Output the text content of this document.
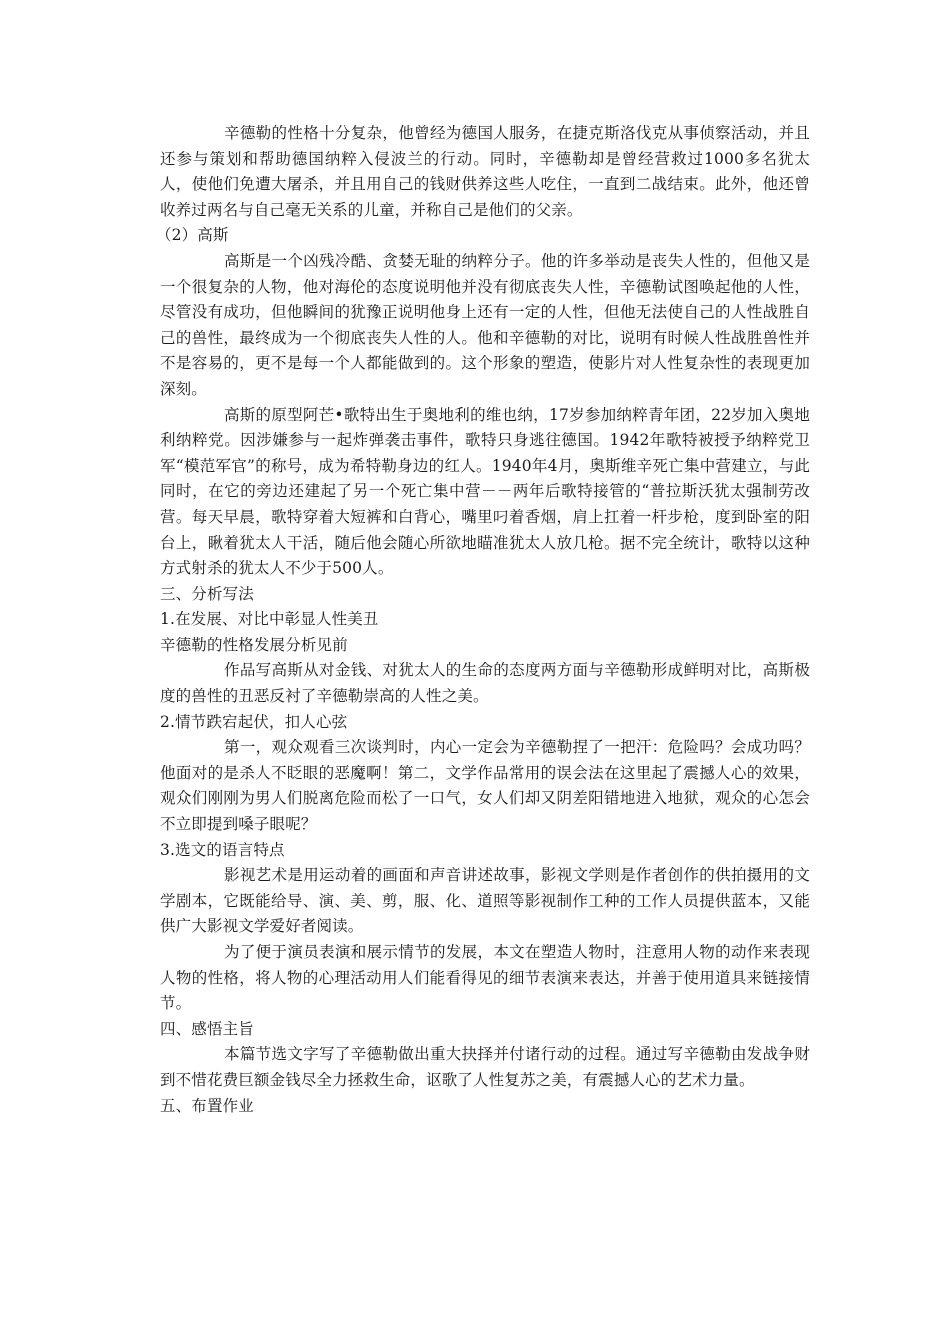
辛德勒的性格十分复杂，他曾经为德国人服务，在捷克斯洛伐克从事侦察活动，并且还参与策划和帮助德国纳粹入侵波兰的行动。同时，辛德勒却是曾经营救过1000多名犹太人，使他们免遭大屠杀，并且用自己的钱财供养这些人吃住，一直到二战结束。此外，他还曾收养过两名与自己毫无关系的儿童，并称自己是他们的父亲。

（2）高斯

高斯是一个凶残冷酷、贪婪无耻的纳粹分子。他的许多举动是丧失人性的，但他又是一个很复杂的人物，他对海伦的态度说明他并没有彻底丧失人性，辛德勒试图唤起他的人性，尽管没有成功，但他瞬间的犹豫正说明他身上还有一定的人性，但他无法使自己的人性战胜自己的兽性，最终成为一个彻底丧失人性的人。他和辛德勒的对比，说明有时候人性战胜兽性并不是容易的，更不是每一个人都能做到的。这个形象的塑造，使影片对人性复杂性的表现更加深刻。

高斯的原型阿芒•歌特出生于奥地利的维也纳，17岁参加纳粹青年团，22岁加入奥地利纳粹党。因涉嫌参与一起炸弹袭击事件，歌特只身逃往德国。1942年歌特被授予纳粹党卫军“模范军官”的称号，成为希特勒身边的红人。1940年4月，奥斯维辛死亡集中营建立，与此同时，在它的旁边还建起了另一个死亡集中营－－两年后歌特接管的“普拉斯沃犹太强制劳改营。每天早晨，歌特穿着大短裤和白背心，嘴里叼着香烟，肩上扛着一杆步枪，度到卧室的阳台上，瞅着犹太人干活，随后他会随心所欲地瞄准犹太人放几枪。据不完全统计，歌特以这种方式射杀的犹太人不少于500人。

三、分析写法

1.在发展、对比中彰显人性美丑

辛德勒的性格发展分析见前

作品写高斯从对金钱、对犹太人的生命的态度两方面与辛德勒形成鲜明对比，高斯极度的兽性的丑恶反衬了辛德勒崇高的人性之美。

2.情节跌宕起伏，扣人心弦

第一，观众观看三次谈判时，内心一定会为辛德勒捏了一把汗：危险吗？会成功吗？他面对的是杀人不眨眼的恶魔啊！第二，文学作品常用的误会法在这里起了震撼人心的效果，观众们刚刚为男人们脱离危险而松了一口气，女人们却又阴差阳错地进入地狱，观众的心怎会不立即提到嗓子眼呢？

3.选文的语言特点

影视艺术是用运动着的画面和声音讲述故事，影视文学则是作者创作的供拍摄用的文学剧本，它既能给导、演、美、剪，服、化、道照等影视制作工种的工作人员提供蓝本，又能供广大影视文学爱好者阅读。

为了便于演员表演和展示情节的发展，本文在塑造人物时，注意用人物的动作来表现人物的性格，将人物的心理活动用人们能看得见的细节表演来表达，并善于使用道具来链接情节。

四、感悟主旨

本篇节选文字写了辛德勒做出重大抉择并付诸行动的过程。通过写辛德勒由发战争财到不惜花费巨额金钱尽全力拯救生命，讴歌了人性复苏之美，有震撼人心的艺术力量。

五、布置作业
